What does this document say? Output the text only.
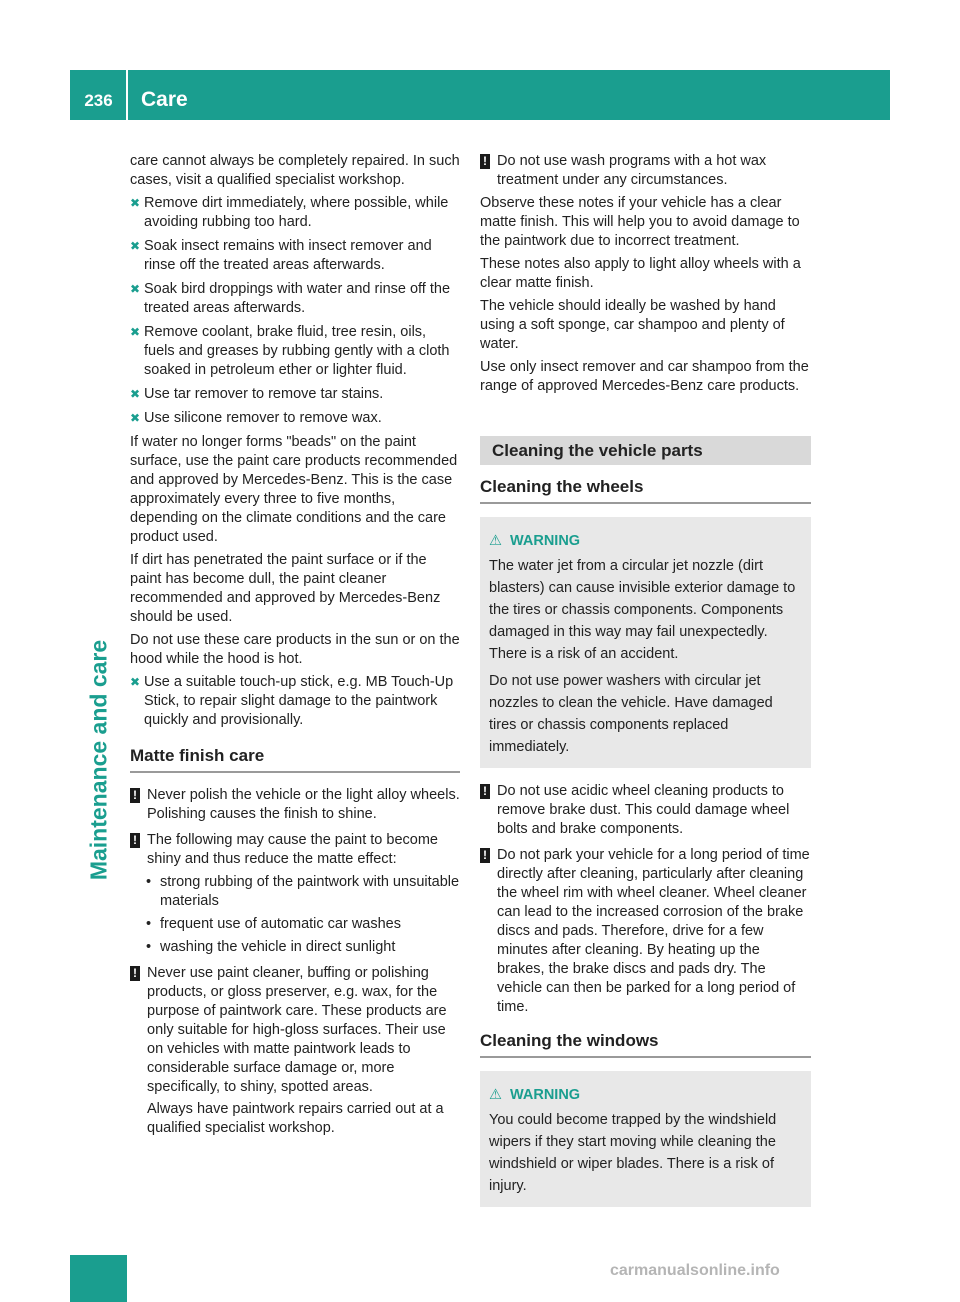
236	Care
Maintenance and care

care cannot always be completely repaired. In such cases, visit a qualified specialist workshop.

✖ Remove dirt immediately, where possible, while avoiding rubbing too hard.
✖ Soak insect remains with insect remover and rinse off the treated areas afterwards.
✖ Soak bird droppings with water and rinse off the treated areas afterwards.
✖ Remove coolant, brake fluid, tree resin, oils, fuels and greases by rubbing gently with a cloth soaked in petroleum ether or lighter fluid.
✖ Use tar remover to remove tar stains.
✖ Use silicone remover to remove wax.

If water no longer forms "beads" on the paint surface, use the paint care products recommended and approved by Mercedes-Benz. This is the case approximately every three to five months, depending on the climate conditions and the care product used.

If dirt has penetrated the paint surface or if the paint has become dull, the paint cleaner recommended and approved by Mercedes-Benz should be used.

Do not use these care products in the sun or on the hood while the hood is hot.

✖ Use a suitable touch-up stick, e.g. MB Touch-Up Stick, to repair slight damage to the paintwork quickly and provisionally.
Matte finish care
! Never polish the vehicle or the light alloy wheels. Polishing causes the finish to shine.
! The following may cause the paint to become shiny and thus reduce the matte effect:
• strong rubbing of the paintwork with unsuitable materials
• frequent use of automatic car washes
• washing the vehicle in direct sunlight
! Never use paint cleaner, buffing or polishing products, or gloss preserver, e.g. wax, for the purpose of paintwork care. These products are only suitable for high-gloss surfaces. Their use on vehicles with matte paintwork leads to considerable surface damage or, more specifically, to shiny, spotted areas.

Always have paintwork repairs carried out at a qualified specialist workshop.

! Do not use wash programs with a hot wax treatment under any circumstances.

Observe these notes if your vehicle has a clear matte finish. This will help you to avoid damage to the paintwork due to incorrect treatment.

These notes also apply to light alloy wheels with a clear matte finish.

The vehicle should ideally be washed by hand using a soft sponge, car shampoo and plenty of water.

Use only insect remover and car shampoo from the range of approved Mercedes-Benz care products.

Cleaning the vehicle parts
Cleaning the wheels
⚠ WARNING

The water jet from a circular jet nozzle (dirt blasters) can cause invisible exterior damage to the tires or chassis components. Components damaged in this way may fail unexpectedly. There is a risk of an accident.

Do not use power washers with circular jet nozzles to clean the vehicle. Have damaged tires or chassis components replaced immediately.

! Do not use acidic wheel cleaning products to remove brake dust. This could damage wheel bolts and brake components.
! Do not park your vehicle for a long period of time directly after cleaning, particularly after cleaning the wheel rim with wheel cleaner. Wheel cleaner can lead to the increased corrosion of the brake discs and pads. Therefore, drive for a few minutes after cleaning. By heating up the brakes, the brake discs and pads dry. The vehicle can then be parked for a long period of time.
Cleaning the windows
⚠ WARNING

You could become trapped by the windshield wipers if they start moving while cleaning the windshield or wiper blades. There is a risk of injury.

carmanualsonline.info
